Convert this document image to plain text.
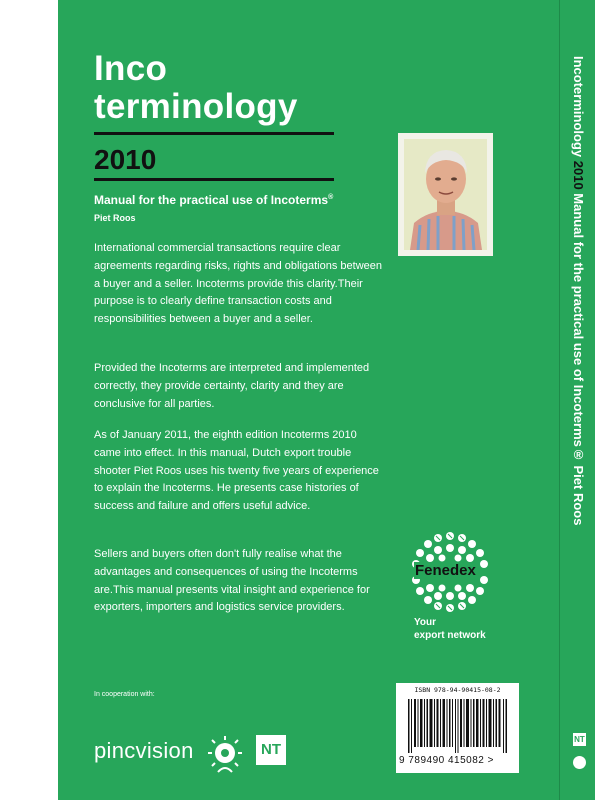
Incoterminology 2010 Manual for the practical use of Incoterms® Piet Roos
NT
Inco
terminology
2010
Manual for the practical use of Incoterms®
Piet Roos

International commercial transactions require clear agreements regarding risks, rights and obligations between a buyer and a seller. Incoterms provide this clarity.Their purpose is to clearly define transaction costs and responsibilities between a buyer and a seller.

Provided the Incoterms are interpreted and implemented correctly, they provide certainty, clarity and they are conclusive for all parties.

As of January 2011, the eighth edition Incoterms 2010 came into effect. In this manual, Dutch export trouble shooter Piet Roos uses his twenty five years of experience to explain the Incoterms. He presents case histories of success and failure and offers useful advice.

Sellers and buyers often don't fully realise what the advantages and consequences of using the Incoterms are.This manual presents vital insight and experience for exporters, importers and logistics service providers.

Fenedex
Your
export network
In cooperation with:
pincvision	NT
ISBN 978-94-90415-08-2
9 789490 415082 >
